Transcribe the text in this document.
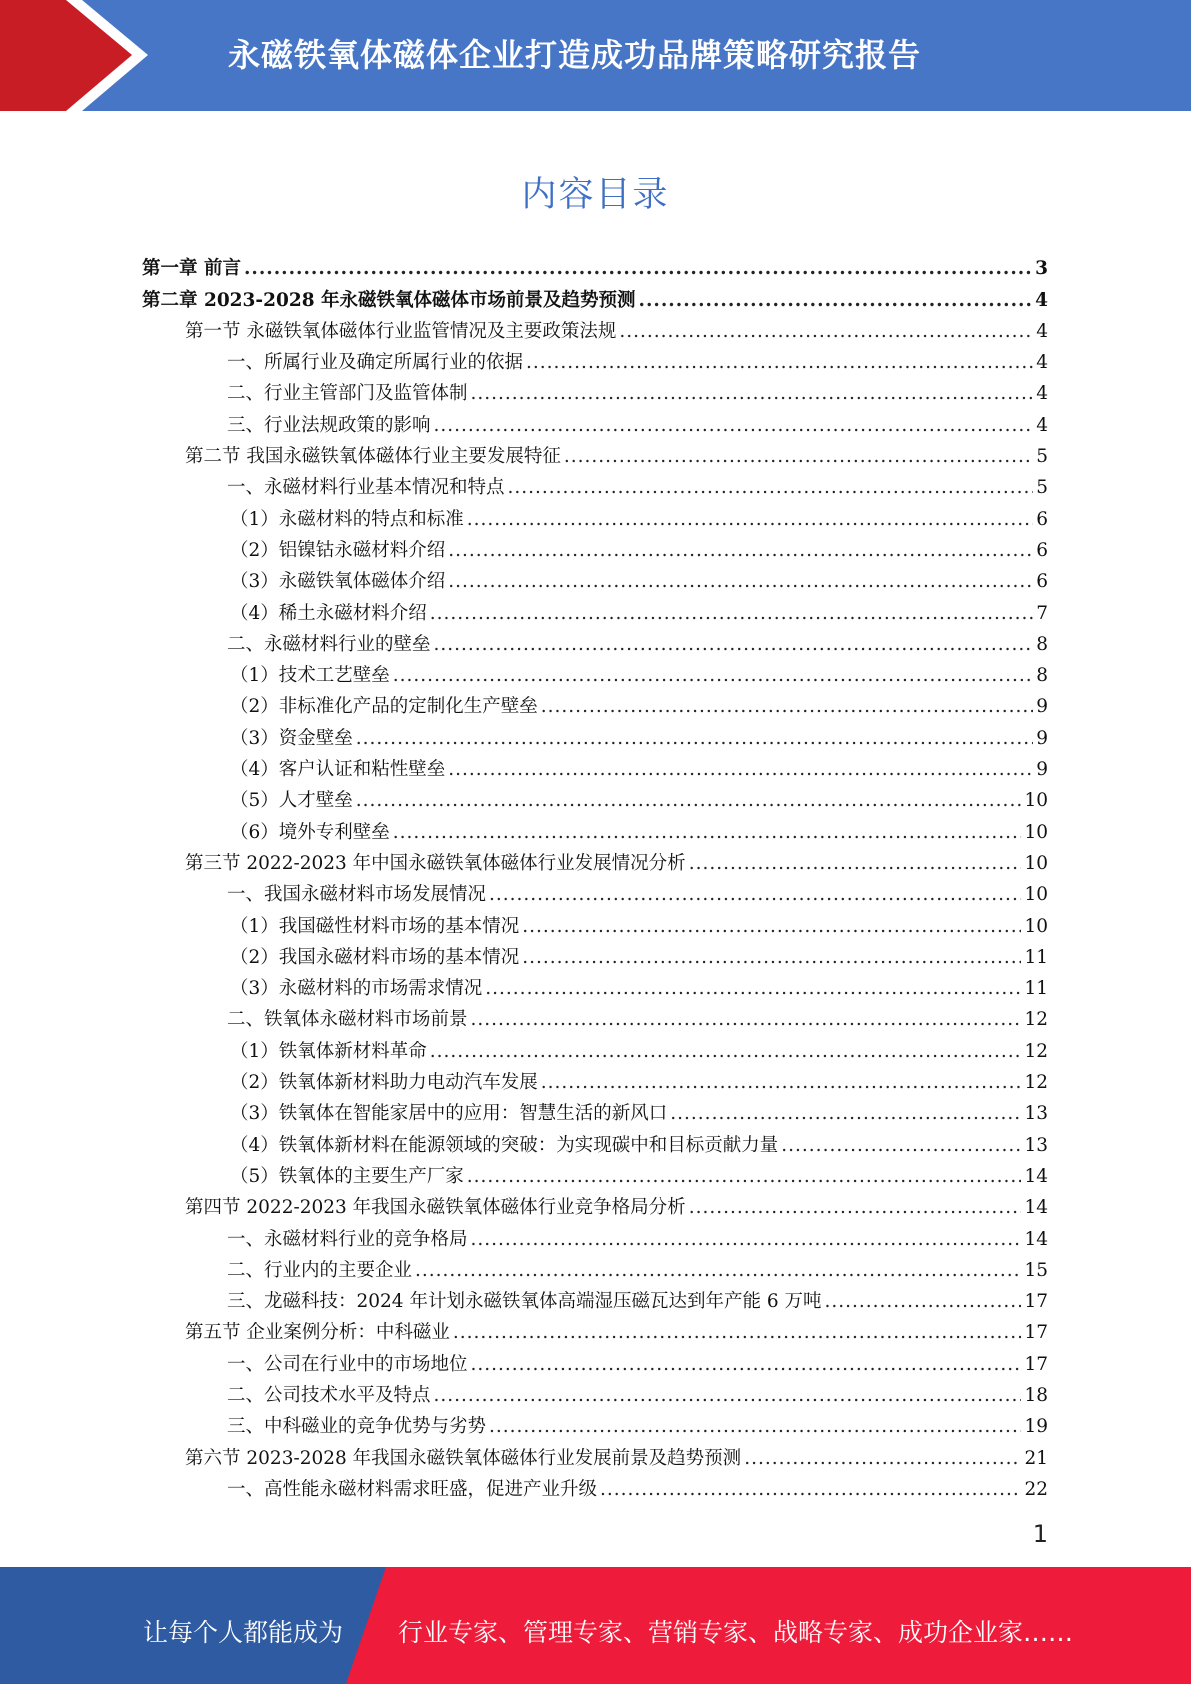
永磁铁氧体磁体企业打造成功品牌策略研究报告
内容目录
第一章 前言 .....	3
第二章 2023-2028 年永磁铁氧体磁体市场前景及趋势预测 .....	4
第一节 永磁铁氧体磁体行业监管情况及主要政策法规 .....	4
一、所属行业及确定所属行业的依据 .....	4
二、行业主管部门及监管体制 .....	4
三、行业法规政策的影响 .....	4
第二节 我国永磁铁氧体磁体行业主要发展特征 .....	5
一、永磁材料行业基本情况和特点 .....	5
（1）永磁材料的特点和标准 .....	6
（2）铝镍钴永磁材料介绍 .....	6
（3）永磁铁氧体磁体介绍 .....	6
（4）稀土永磁材料介绍 .....	7
二、永磁材料行业的壁垒 .....	8
（1）技术工艺壁垒 .....	8
（2）非标准化产品的定制化生产壁垒 .....	9
（3）资金壁垒 .....	9
（4）客户认证和粘性壁垒 .....	9
（5）人才壁垒 .....	10
（6）境外专利壁垒 .....	10
第三节 2022-2023 年中国永磁铁氧体磁体行业发展情况分析 .....	10
一、我国永磁材料市场发展情况 .....	10
（1）我国磁性材料市场的基本情况 .....	10
（2）我国永磁材料市场的基本情况 .....	11
（3）永磁材料的市场需求情况 .....	11
二、铁氧体永磁材料市场前景 .....	12
（1）铁氧体新材料革命 .....	12
（2）铁氧体新材料助力电动汽车发展 .....	12
（3）铁氧体在智能家居中的应用：智慧生活的新风口 .....	13
（4）铁氧体新材料在能源领域的突破：为实现碳中和目标贡献力量 .....	13
（5）铁氧体的主要生产厂家 .....	14
第四节 2022-2023 年我国永磁铁氧体磁体行业竞争格局分析 .....	14
一、永磁材料行业的竞争格局 .....	14
二、行业内的主要企业 .....	15
三、龙磁科技：2024 年计划永磁铁氧体高端湿压磁瓦达到年产能 6 万吨 .....	17
第五节 企业案例分析：中科磁业 .....	17
一、公司在行业中的市场地位 .....	17
二、公司技术水平及特点 .....	18
三、中科磁业的竞争优势与劣势 .....	19
第六节 2023-2028 年我国永磁铁氧体磁体行业发展前景及趋势预测 .....	21
一、高性能永磁材料需求旺盛，促进产业升级 .....	22
1
让每个人都能成为 行业专家、管理专家、营销专家、战略专家、成功企业家……
